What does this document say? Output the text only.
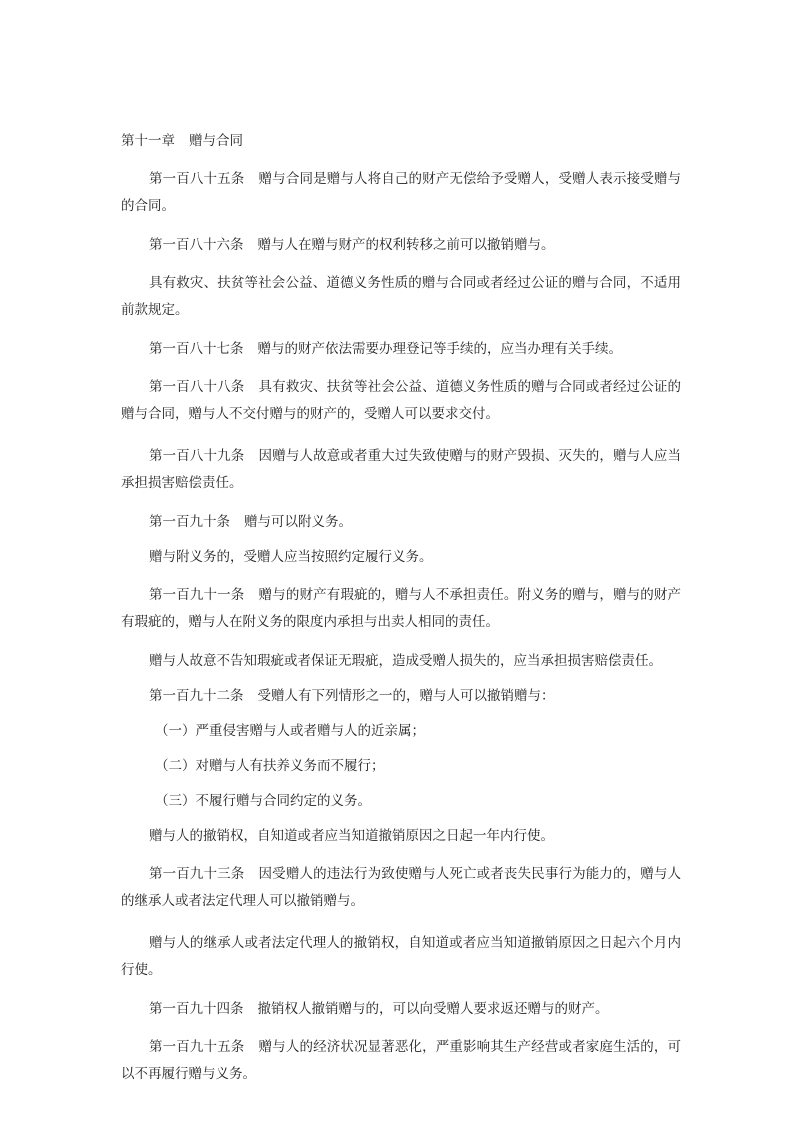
第十一章 赠与合同

第一百八十五条 赠与合同是赠与人将自己的财产无偿给予受赠人，受赠人表示接受赠与的合同。

第一百八十六条 赠与人在赠与财产的权利转移之前可以撤销赠与。

具有救灾、扶贫等社会公益、道德义务性质的赠与合同或者经过公证的赠与合同，不适用前款规定。

第一百八十七条 赠与的财产依法需要办理登记等手续的，应当办理有关手续。

第一百八十八条 具有救灾、扶贫等社会公益、道德义务性质的赠与合同或者经过公证的赠与合同，赠与人不交付赠与的财产的，受赠人可以要求交付。

第一百八十九条 因赠与人故意或者重大过失致使赠与的财产毁损、灭失的，赠与人应当承担损害赔偿责任。

第一百九十条 赠与可以附义务。

赠与附义务的，受赠人应当按照约定履行义务。

第一百九十一条 赠与的财产有瑕疵的，赠与人不承担责任。附义务的赠与，赠与的财产有瑕疵的，赠与人在附义务的限度内承担与出卖人相同的责任。

赠与人故意不告知瑕疵或者保证无瑕疵，造成受赠人损失的，应当承担损害赔偿责任。

第一百九十二条 受赠人有下列情形之一的，赠与人可以撤销赠与：

（一）严重侵害赠与人或者赠与人的近亲属；

（二）对赠与人有扶养义务而不履行；

（三）不履行赠与合同约定的义务。

赠与人的撤销权，自知道或者应当知道撤销原因之日起一年内行使。

第一百九十三条 因受赠人的违法行为致使赠与人死亡或者丧失民事行为能力的，赠与人的继承人或者法定代理人可以撤销赠与。

赠与人的继承人或者法定代理人的撤销权，自知道或者应当知道撤销原因之日起六个月内行使。

第一百九十四条 撤销权人撤销赠与的，可以向受赠人要求返还赠与的财产。

第一百九十五条 赠与人的经济状况显著恶化，严重影响其生产经营或者家庭生活的，可以不再履行赠与义务。
